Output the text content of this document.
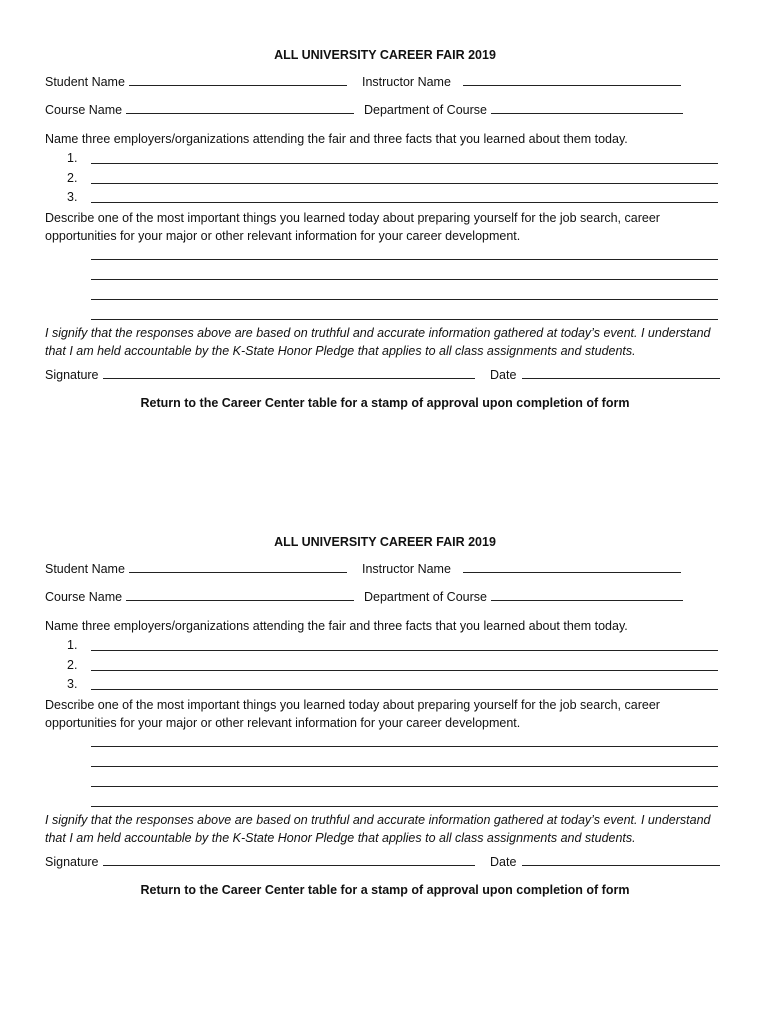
ALL UNIVERSITY CAREER FAIR 2019
Student Name	Instructor Name
Course Name	Department of Course
Name three employers/organizations attending the fair and three facts that you learned about them today.
1.
2.
3.
Describe one of the most important things you learned today about preparing yourself for the job search, career opportunities for your major or other relevant information for your career development.
I signify that the responses above are based on truthful and accurate information gathered at today’s event. I understand that I am held accountable by the K-State Honor Pledge that applies to all class assignments and students.
Signature	Date
Return to the Career Center table for a stamp of approval upon completion of form
ALL UNIVERSITY CAREER FAIR 2019
Student Name	Instructor Name
Course Name	Department of Course
Name three employers/organizations attending the fair and three facts that you learned about them today.
1.
2.
3.
Describe one of the most important things you learned today about preparing yourself for the job search, career opportunities for your major or other relevant information for your career development.
I signify that the responses above are based on truthful and accurate information gathered at today’s event. I understand that I am held accountable by the K-State Honor Pledge that applies to all class assignments and students.
Signature	Date
Return to the Career Center table for a stamp of approval upon completion of form
